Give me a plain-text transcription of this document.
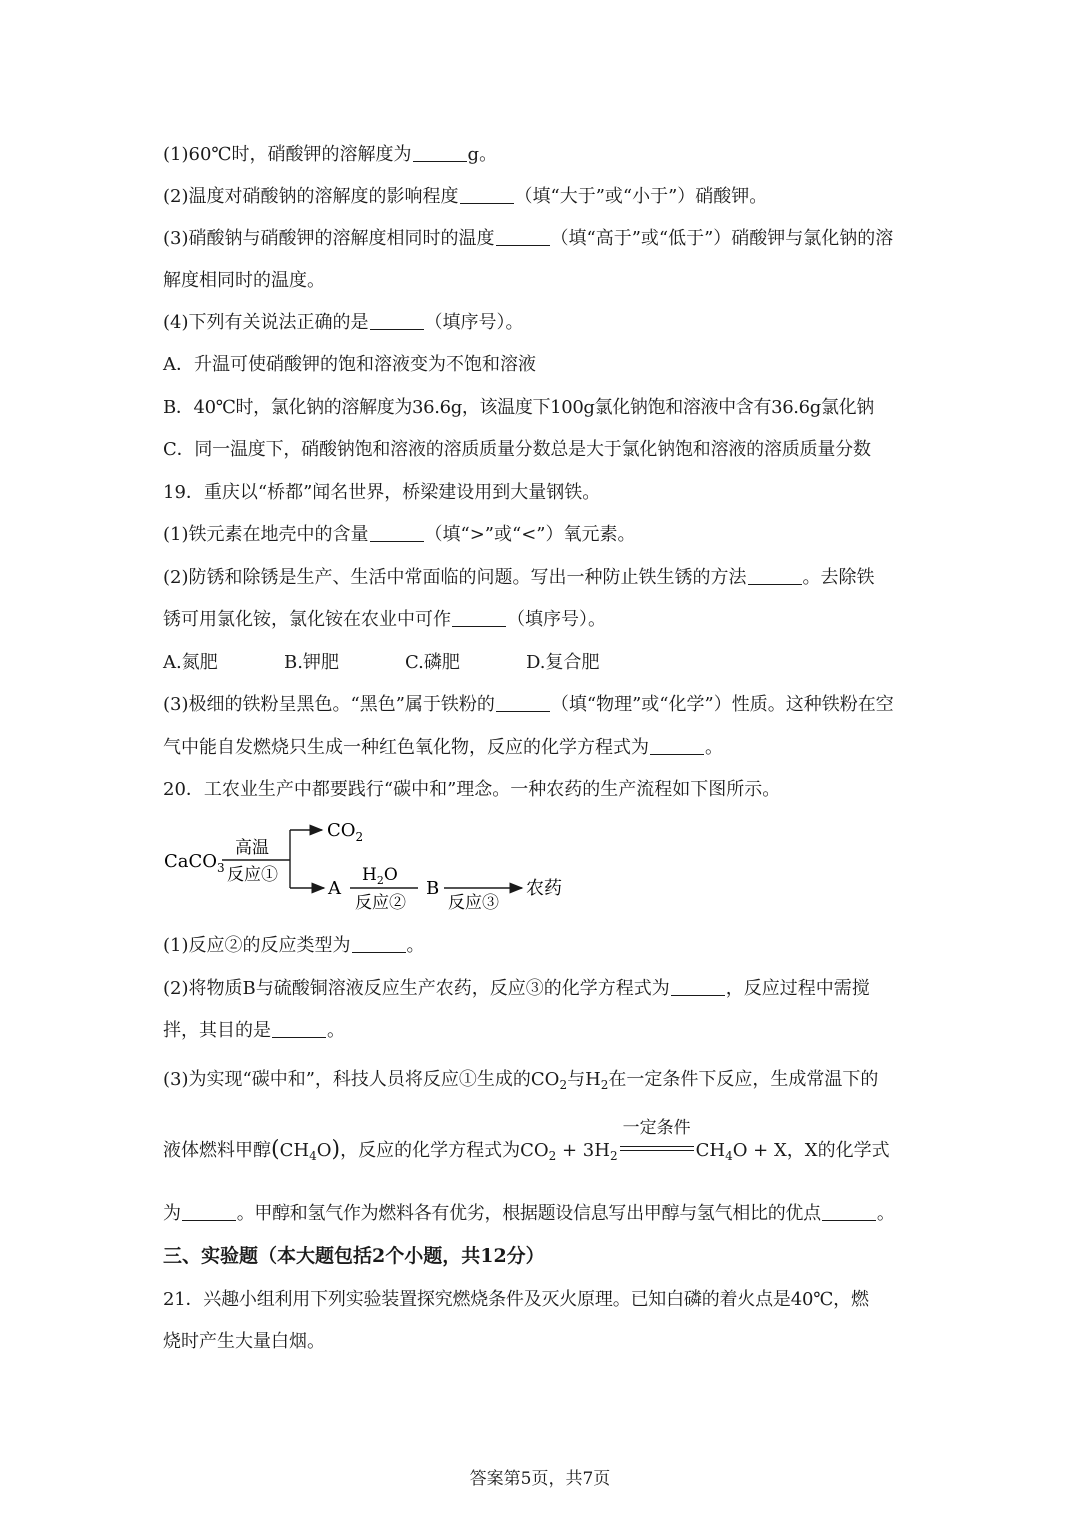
(1)60℃时，硝酸钾的溶解度为	g。
(2)温度对硝酸钠的溶解度的影响程度	（填“大于”或“小于”）硝酸钾。
(3)硝酸钠与硝酸钾的溶解度相同时的温度	（填“高于”或“低于”）硝酸钾与氯化钠的溶
解度相同时的温度。
(4)下列有关说法正确的是	（填序号）。
A．升温可使硝酸钾的饱和溶液变为不饱和溶液
B．40℃时，氯化钠的溶解度为36.6g，该温度下100g氯化钠饱和溶液中含有36.6g氯化钠
C．同一温度下，硝酸钠饱和溶液的溶质质量分数总是大于氯化钠饱和溶液的溶质质量分数
19．重庆以“桥都”闻名世界，桥梁建设用到大量钢铁。
(1)铁元素在地壳中的含量	（填“>”或“<”）氧元素。
(2)防锈和除锈是生产、生活中常面临的问题。写出一种防止铁生锈的方法	。去除铁
锈可用氯化铵，氯化铵在农业中可作	（填序号）。
A.氮肥	B.钾肥	C.磷肥	D.复合肥
(3)极细的铁粉呈黑色。“黑色”属于铁粉的	（填“物理”或“化学”）性质。这种铁粉在空
气中能自发燃烧只生成一种红色氧化物，反应的化学方程式为	。
20．工农业生产中都要践行“碳中和”理念。一种农药的生产流程如下图所示。
CaCO$_3$
高温
反应①
$CO_2$
A
$H_2O$
反应②
B
反应③
农药
(1)反应②的反应类型为	。
(2)将物质B与硫酸铜溶液反应生产农药，反应③的化学方程式为	，反应过程中需搅
拌，其目的是	。
(3)为实现“碳中和”，科技人员将反应①生成的$CO_2$与$H_2$在一定条件下反应，生成常温下的
液体燃料甲醇$(CH_4O)$，反应的化学方程式为$CO_2 + 3H_2$
一定条件
$CH_4O + X$，X的化学式
为	。甲醇和氢气作为燃料各有优劣，根据题设信息写出甲醇与氢气相比的优点	。
三、实验题（本大题包括2个小题，共12分）
21．兴趣小组利用下列实验装置探究燃烧条件及灭火原理。已知白磷的着火点是40℃，燃
烧时产生大量白烟。
答案第5页，共7页
